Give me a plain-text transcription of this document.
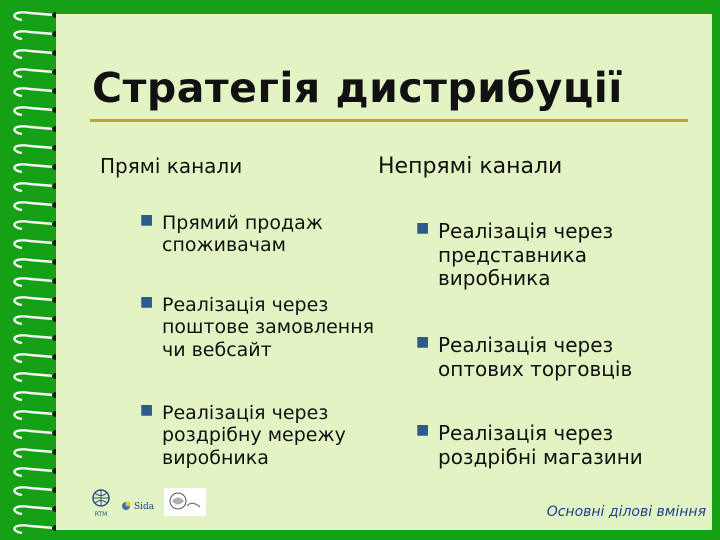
Стратегія дистрибуції
Прямі канали
■ Прямий продаж
споживачам
■ Реалізація через
поштове замовлення
чи вебсайт
■ Реалізація через
роздрібну мережу
виробника
Непрямі канали
■ Реалізація через
представника
виробника
■ Реалізація через
оптових торговців
■ Реалізація через
роздрібні магазини
RTM
Sida	Основні ділові вміння
